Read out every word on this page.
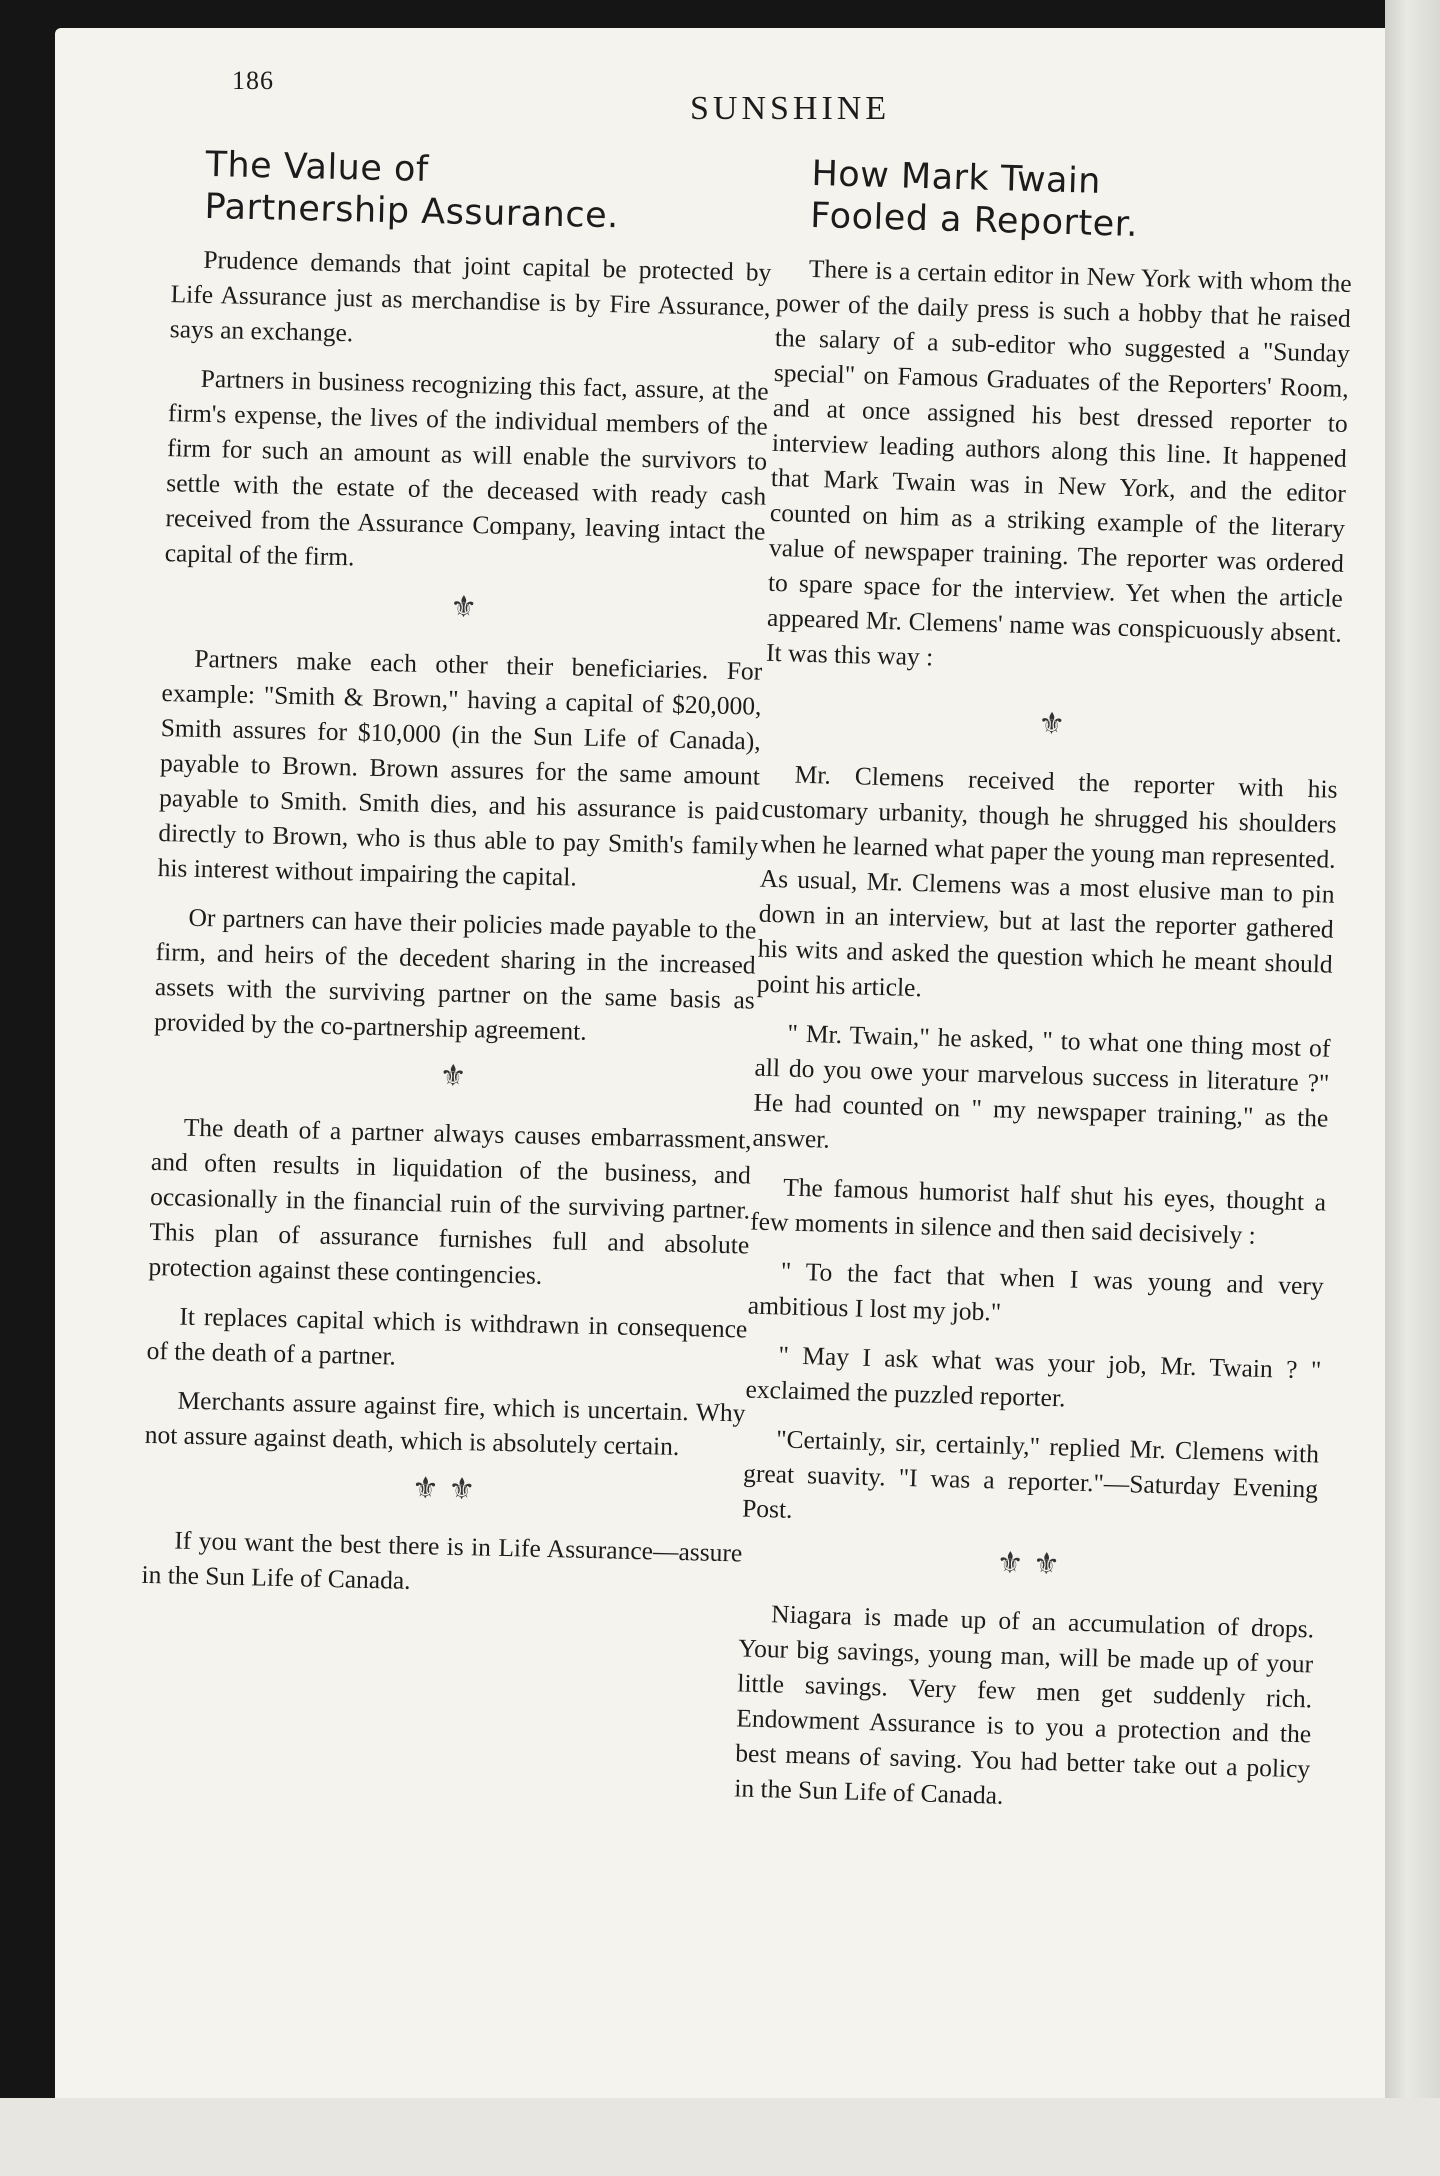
186
SUNSHINE
The Value of
Partnership Assurance.

Prudence demands that joint capital be protected by Life Assurance just as merchandise is by Fire Assurance, says an exchange.

Partners in business recognizing this fact, assure, at the firm's expense, the lives of the individual members of the firm for such an amount as will enable the survivors to settle with the estate of the deceased with ready cash received from the Assurance Company, leaving intact the capital of the firm.

⚜

Partners make each other their beneficiaries. For example: "Smith & Brown," having a capital of $20,000, Smith assures for $10,000 (in the Sun Life of Canada), payable to Brown. Brown assures for the same amount payable to Smith. Smith dies, and his assurance is paid directly to Brown, who is thus able to pay Smith's family his interest without impairing the capital.

Or partners can have their policies made payable to the firm, and heirs of the decedent sharing in the increased assets with the surviving partner on the same basis as provided by the co-partnership agreement.

⚜

The death of a partner always causes embarrassment, and often results in liquidation of the business, and occasionally in the financial ruin of the surviving partner. This plan of assurance furnishes full and absolute protection against these contingencies.

It replaces capital which is withdrawn in consequence of the death of a partner.

Merchants assure against fire, which is uncertain. Why not assure against death, which is absolutely certain.

⚜ ⚜

If you want the best there is in Life Assurance—assure in the Sun Life of Canada.

How Mark Twain
Fooled a Reporter.

There is a certain editor in New York with whom the power of the daily press is such a hobby that he raised the salary of a sub-editor who suggested a "Sunday special" on Famous Graduates of the Reporters' Room, and at once assigned his best dressed reporter to interview leading authors along this line. It happened that Mark Twain was in New York, and the editor counted on him as a striking example of the literary value of newspaper training. The reporter was ordered to spare space for the interview. Yet when the article appeared Mr. Clemens' name was conspicuously absent. It was this way :

⚜

Mr. Clemens received the reporter with his customary urbanity, though he shrugged his shoulders when he learned what paper the young man represented. As usual, Mr. Clemens was a most elusive man to pin down in an interview, but at last the reporter gathered his wits and asked the question which he meant should point his article.

" Mr. Twain," he asked, " to what one thing most of all do you owe your marvelous success in literature ?" He had counted on " my newspaper training," as the answer.

The famous humorist half shut his eyes, thought a few moments in silence and then said decisively :

" To the fact that when I was young and very ambitious I lost my job."

" May I ask what was your job, Mr. Twain ? " exclaimed the puzzled reporter.

"Certainly, sir, certainly," replied Mr. Clemens with great suavity. "I was a reporter."—Saturday Evening Post.

⚜ ⚜

Niagara is made up of an accumulation of drops. Your big savings, young man, will be made up of your little savings. Very few men get suddenly rich. Endowment Assurance is to you a protection and the best means of saving. You had better take out a policy in the Sun Life of Canada.
